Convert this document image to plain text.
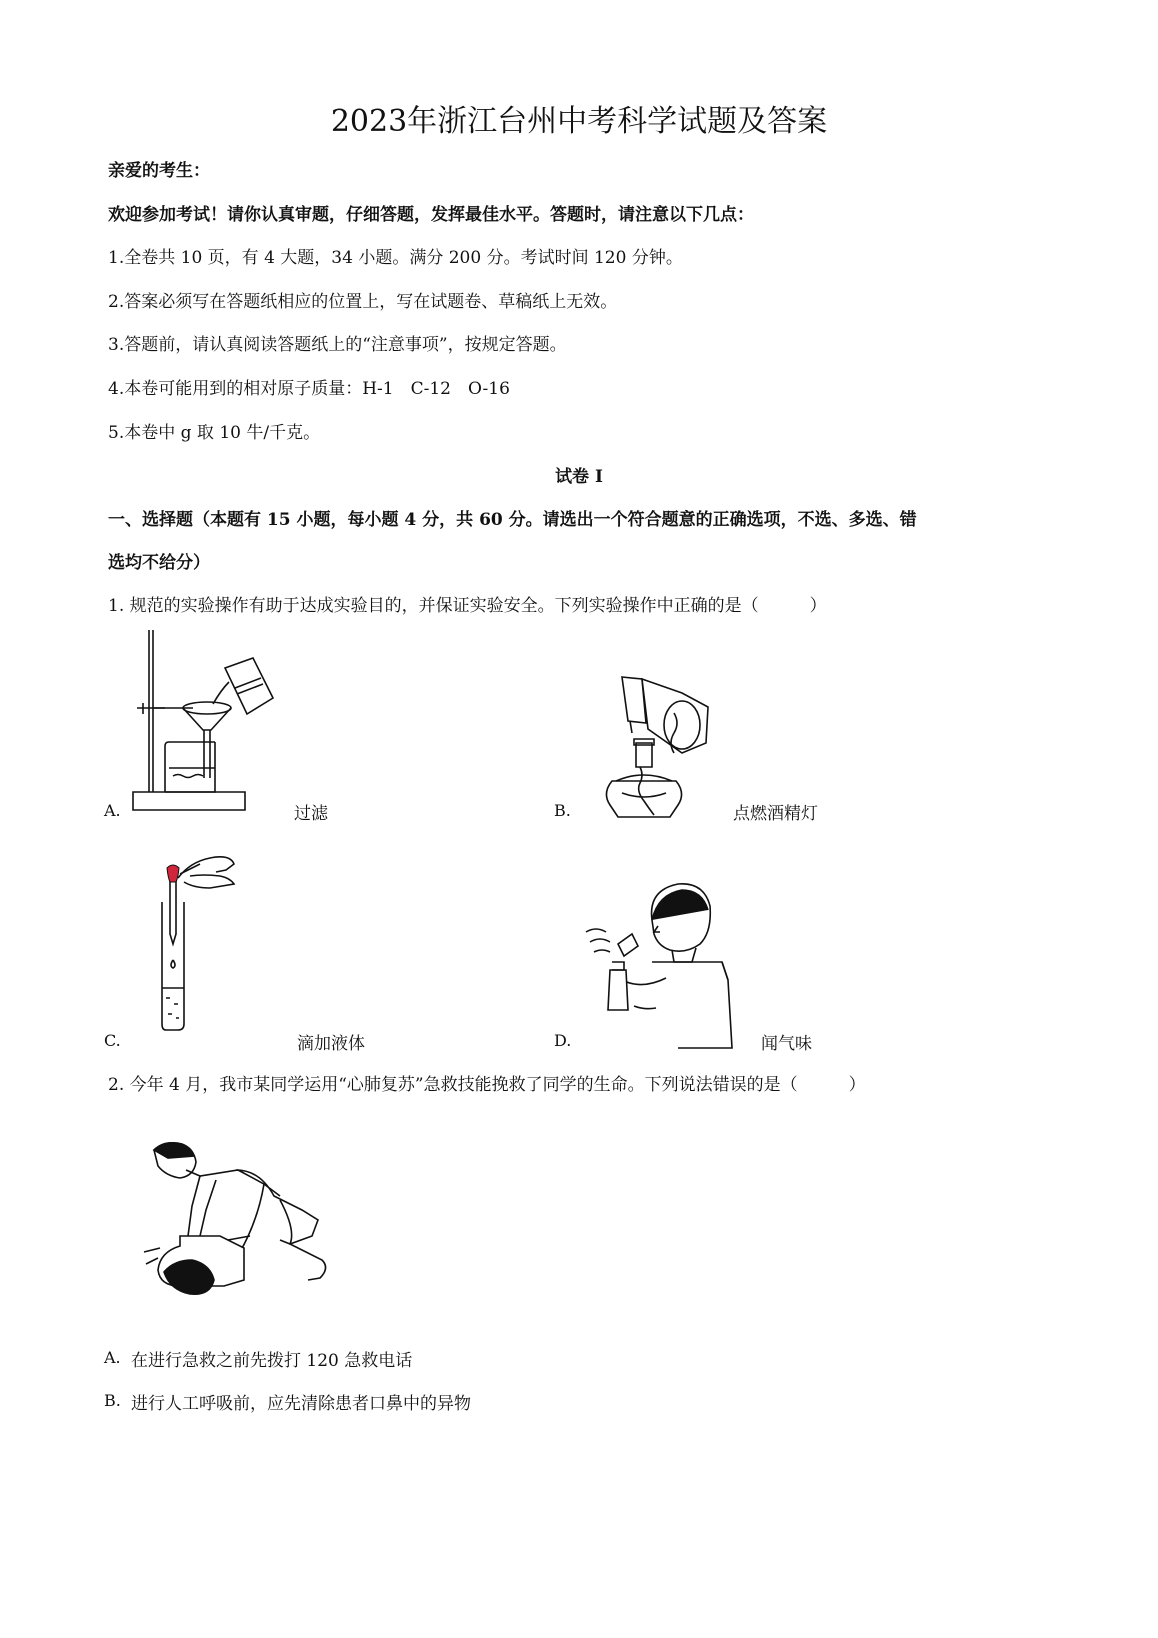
2023年浙江台州中考科学试题及答案
亲爱的考生：
欢迎参加考试！请你认真审题，仔细答题，发挥最佳水平。答题时，请注意以下几点：
1.全卷共 10 页，有 4 大题，34 小题。满分 200 分。考试时间 120 分钟。
2.答案必须写在答题纸相应的位置上，写在试题卷、草稿纸上无效。
3.答题前，请认真阅读答题纸上的“注意事项”，按规定答题。
4.本卷可能用到的相对原子质量：H-1　C-12　O-16
5.本卷中 g 取 10 牛/千克。
试卷 I
一、选择题（本题有 15 小题，每小题 4 分，共 60 分。请选出一个符合题意的正确选项，不选、多选、错
选均不给分）
1. 规范的实验操作有助于达成实验目的，并保证实验安全。下列实验操作中正确的是（　　　）
A.	过滤	B.	点燃酒精灯
C.	滴加液体	D.	闻气味
2. 今年 4 月，我市某同学运用“心肺复苏”急救技能挽救了同学的生命。下列说法错误的是（　　　）
A. 在进行急救之前先拨打 120 急救电话
B. 进行人工呼吸前，应先清除患者口鼻中的异物
